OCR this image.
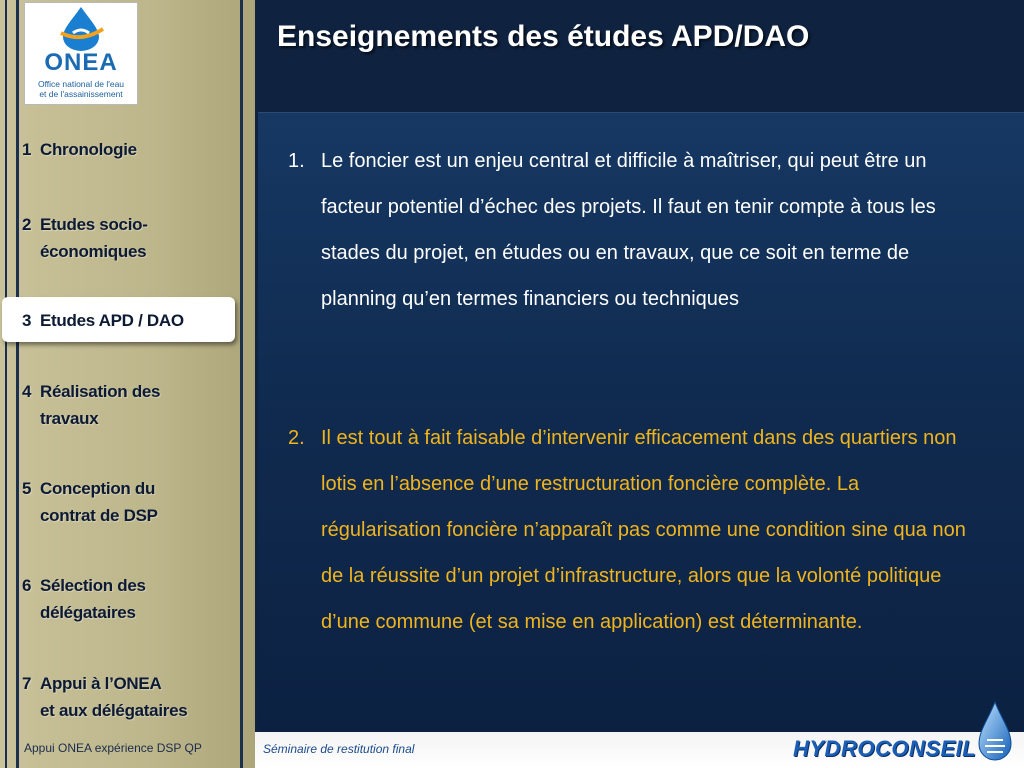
ONEA
Office national de l'eau
et de l'assainissement
1 Chronologie
2 Etudes socio-
économiques
3 Etudes APD / DAO
4 Réalisation des
travaux
5 Conception du
contrat de DSP
6 Sélection des
délégataires
7 Appui à l’ONEA
et aux délégataires
Appui ONEA expérience DSP QP
Enseignements des études APD/DAO
1. Le foncier est un enjeu central et difficile à maîtriser, qui peut être un facteur potentiel d’échec des projets. Il faut en tenir compte à tous les stades du projet, en études ou en travaux, que ce soit en terme de planning qu’en termes financiers ou techniques
2. Il est tout à fait faisable d’intervenir efficacement dans des quartiers non lotis en l’absence d’une restructuration foncière complète. La régularisation foncière n’apparaît pas comme une condition sine qua non de la réussite d’un projet d’infrastructure, alors que la volonté politique d’une commune (et sa mise en application) est déterminante.
Séminaire de restitution final	HYDROCONSEIL
